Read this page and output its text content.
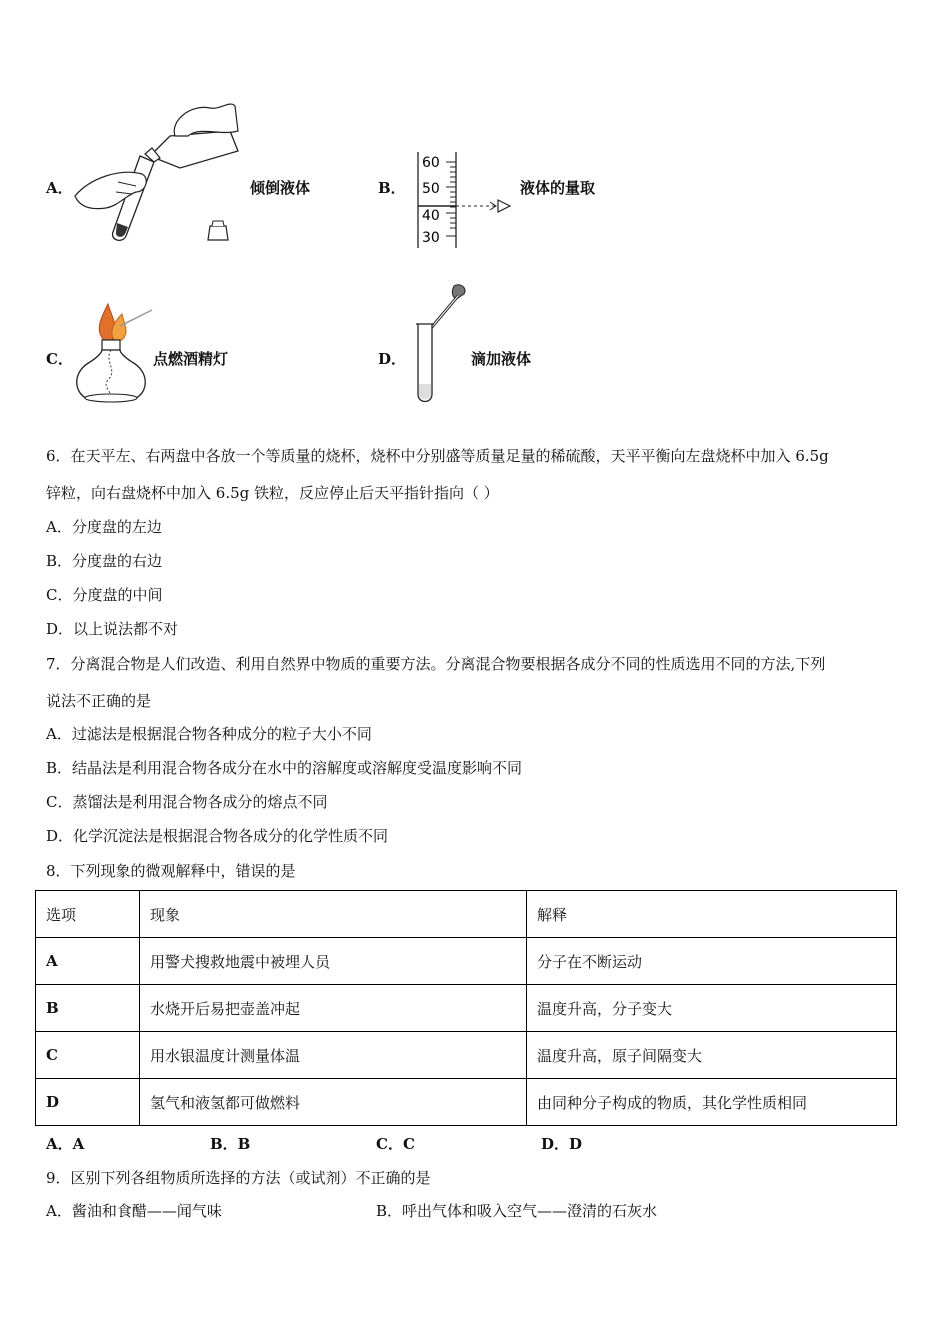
A．	倾倒液体	B．
60
50
40
30
液体的量取
C．	点燃酒精灯	D．	滴加液体
6．在天平左、右两盘中各放一个等质量的烧杯，烧杯中分别盛等质量足量的稀硫酸，天平平衡向左盘烧杯中加入 6.5g
锌粒，向右盘烧杯中加入 6.5g 铁粒，反应停止后天平指针指向（ ）
A．分度盘的左边
B．分度盘的右边
C．分度盘的中间
D．以上说法都不对
7．分离混合物是人们改造、利用自然界中物质的重要方法。分离混合物要根据各成分不同的性质选用不同的方法,下列
说法不正确的是
A．过滤法是根据混合物各种成分的粒子大小不同
B．结晶法是利用混合物各成分在水中的溶解度或溶解度受温度影响不同
C．蒸馏法是利用混合物各成分的熔点不同
D．化学沉淀法是根据混合物各成分的化学性质不同
8．下列现象的微观解释中，错误的是
选项	现象	解释
A	用警犬搜救地震中被埋人员	分子在不断运动
B	水烧开后易把壶盖冲起	温度升高，分子变大
C	用水银温度计测量体温	温度升高，原子间隔变大
D	氢气和液氢都可做燃料	由同种分子构成的物质，其化学性质相同
A．A	B．B	C．C	D．D
9．区别下列各组物质所选择的方法（或试剂）不正确的是
A．酱油和食醋——闻气味	B．呼出气体和吸入空气——澄清的石灰水
